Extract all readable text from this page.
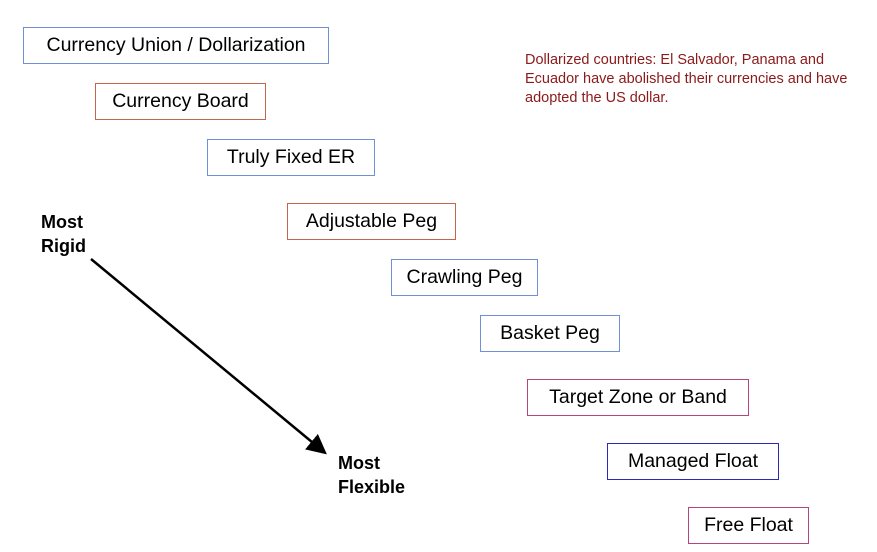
Currency Union / Dollarization
Currency Board
Truly Fixed ER
Adjustable Peg
Crawling Peg
Basket Peg
Target Zone or Band
Managed Float
Free Float
Most
Rigid
Most
Flexible
Dollarized countries: El Salvador, Panama and Ecuador have abolished their currencies and have adopted the US dollar.
